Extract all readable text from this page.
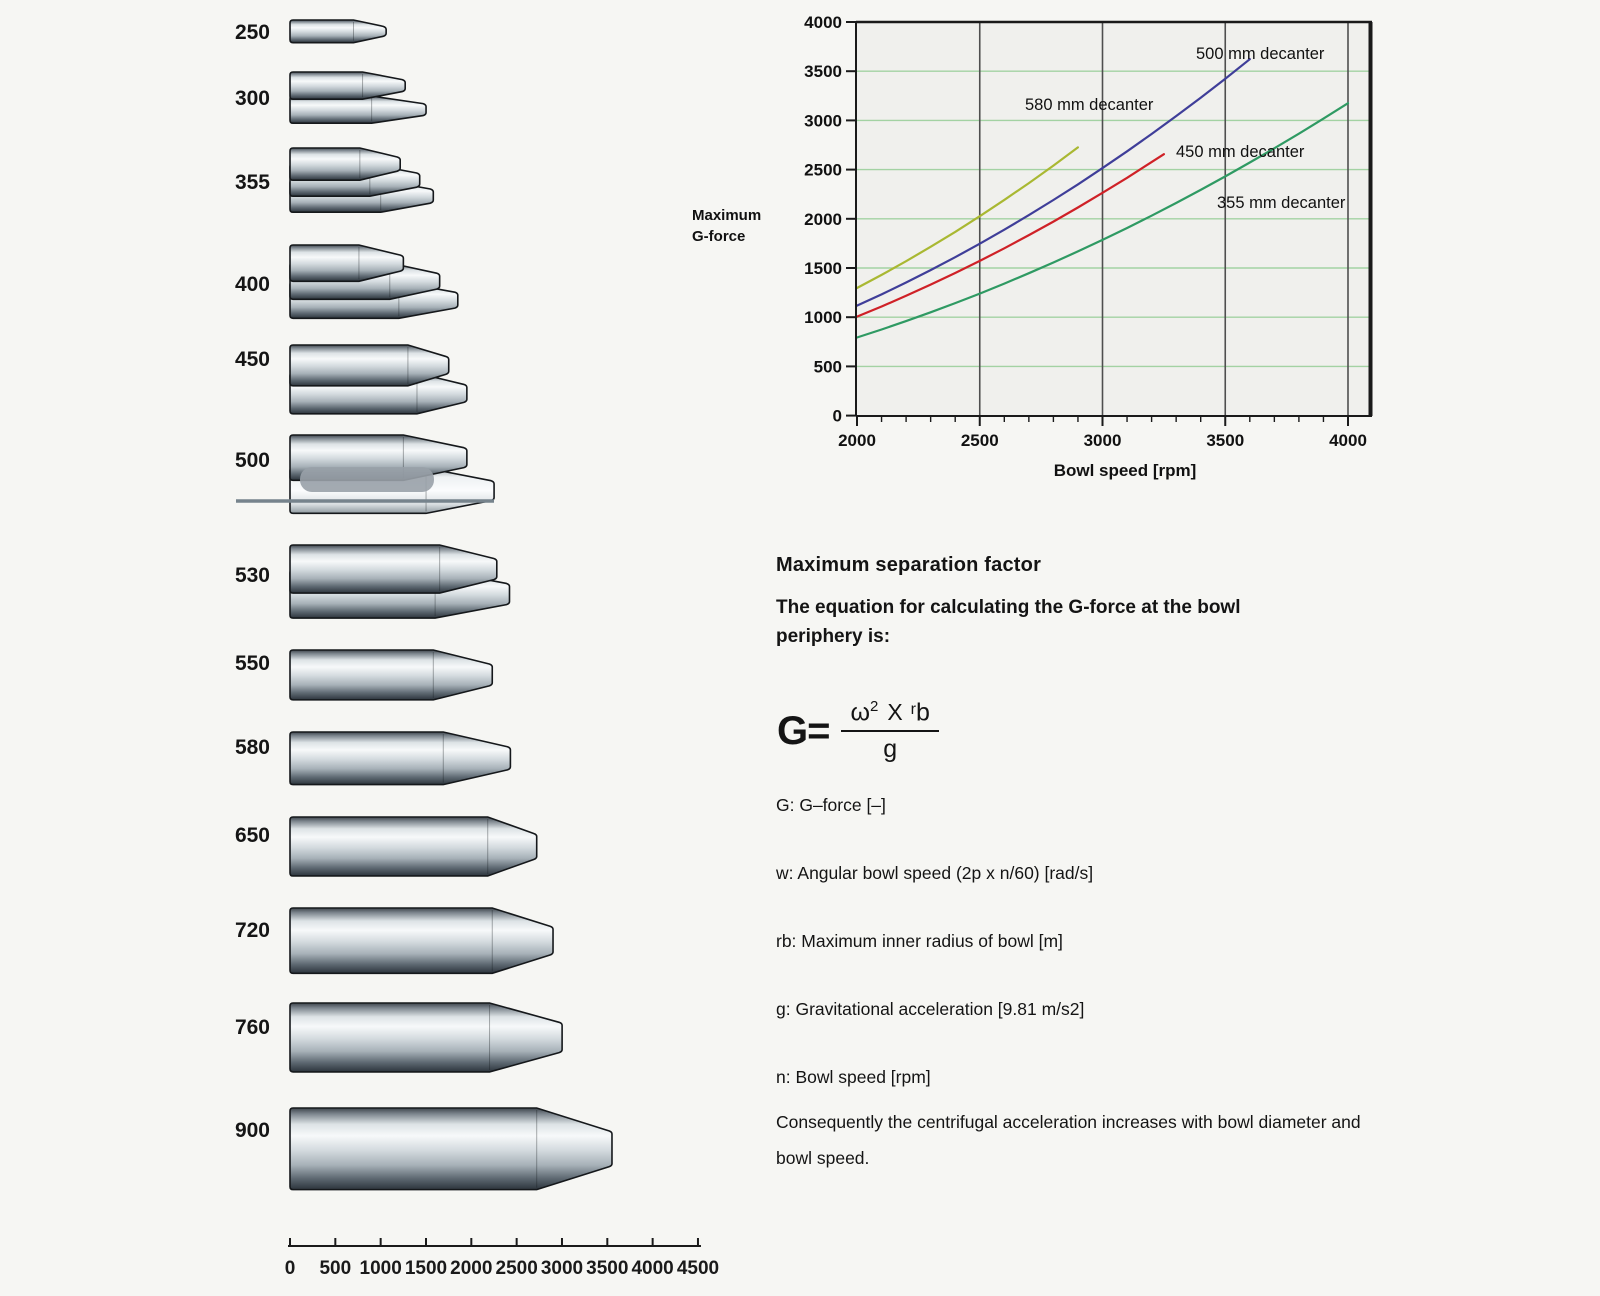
250
300
355
400
450
500
530
550
580
650
720
760
900
0 500 1000 1500 2000 2500 3000 3500 4000 4500
0
500
1000
1500
2000
2500
3000
3500
4000
2000	2500	3000	3500	4000
Bowl speed [rpm]
Maximum
G-force
580 mm decanter
500 mm decanter
450 mm decanter
355 mm decanter
Maximum separation factor

The equation for calculating the G-force at the bowl periphery is:

$G= \frac{\omega^2 X ^rb}{g}$
G: G–force [–]
w: Angular bowl speed (2p x n/60) [rad/s]
rb: Maximum inner radius of bowl [m]
g: Gravitational acceleration [9.81 m/s2]
n: Bowl speed [rpm]

Consequently the centrifugal acceleration increases with bowl diameter and bowl speed.
